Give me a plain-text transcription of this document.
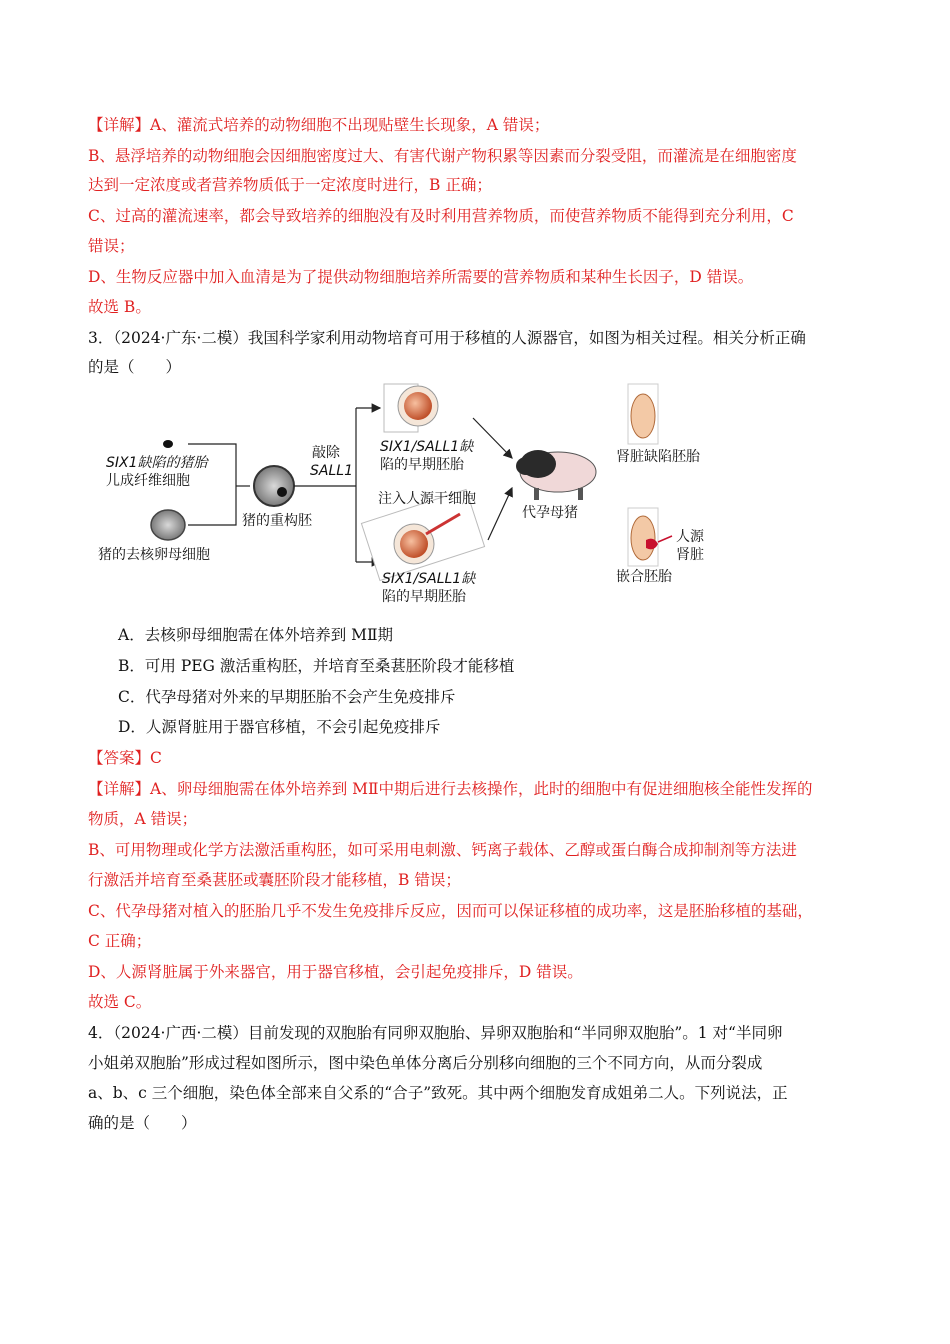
【详解】A、灌流式培养的动物细胞不出现贴壁生长现象，A 错误；
B、悬浮培养的动物细胞会因细胞密度过大、有害代谢产物积累等因素而分裂受阻，而灌流是在细胞密度
达到一定浓度或者营养物质低于一定浓度时进行，B 正确；
C、过高的灌流速率，都会导致培养的细胞没有及时利用营养物质，而使营养物质不能得到充分利用，C
错误；
D、生物反应器中加入血清是为了提供动物细胞培养所需要的营养物质和某种生长因子，D 错误。
故选 B。
3．（2024·广东·二模）我国科学家利用动物培育可用于移植的人源器官，如图为相关过程。相关分析正确
的是（　　）
SIX1缺陷的猪胎
儿成纤维细胞
猪的去核卵母细胞
猪的重构胚
敲除
SALL1
SIX1/SALL1缺
陷的早期胚胎
注入人源干细胞
SIX1/SALL1缺
陷的早期胚胎
代孕母猪
肾脏缺陷胚胎
人源
肾脏
嵌合胚胎
A．去核卵母细胞需在体外培养到 MⅡ期
B．可用 PEG 激活重构胚，并培育至桑葚胚阶段才能移植
C．代孕母猪对外来的早期胚胎不会产生免疫排斥
D．人源肾脏用于器官移植，不会引起免疫排斥
【答案】C
【详解】A、卵母细胞需在体外培养到 MⅡ中期后进行去核操作，此时的细胞中有促进细胞核全能性发挥的
物质，A 错误；
B、可用物理或化学方法激活重构胚，如可采用电刺激、钙离子载体、乙醇或蛋白酶合成抑制剂等方法进
行激活并培育至桑葚胚或囊胚阶段才能移植，B 错误；
C、代孕母猪对植入的胚胎几乎不发生免疫排斥反应，因而可以保证移植的成功率，这是胚胎移植的基础，
C 正确；
D、人源肾脏属于外来器官，用于器官移植，会引起免疫排斥，D 错误。
故选 C。
4．（2024·广西·二模）目前发现的双胞胎有同卵双胞胎、异卵双胞胎和“半同卵双胞胎”。1 对“半同卵
小姐弟双胞胎”形成过程如图所示，图中染色单体分离后分别移向细胞的三个不同方向，从而分裂成
a、b、c 三个细胞，染色体全部来自父系的“合子”致死。其中两个细胞发育成姐弟二人。下列说法，正
确的是（　　）
